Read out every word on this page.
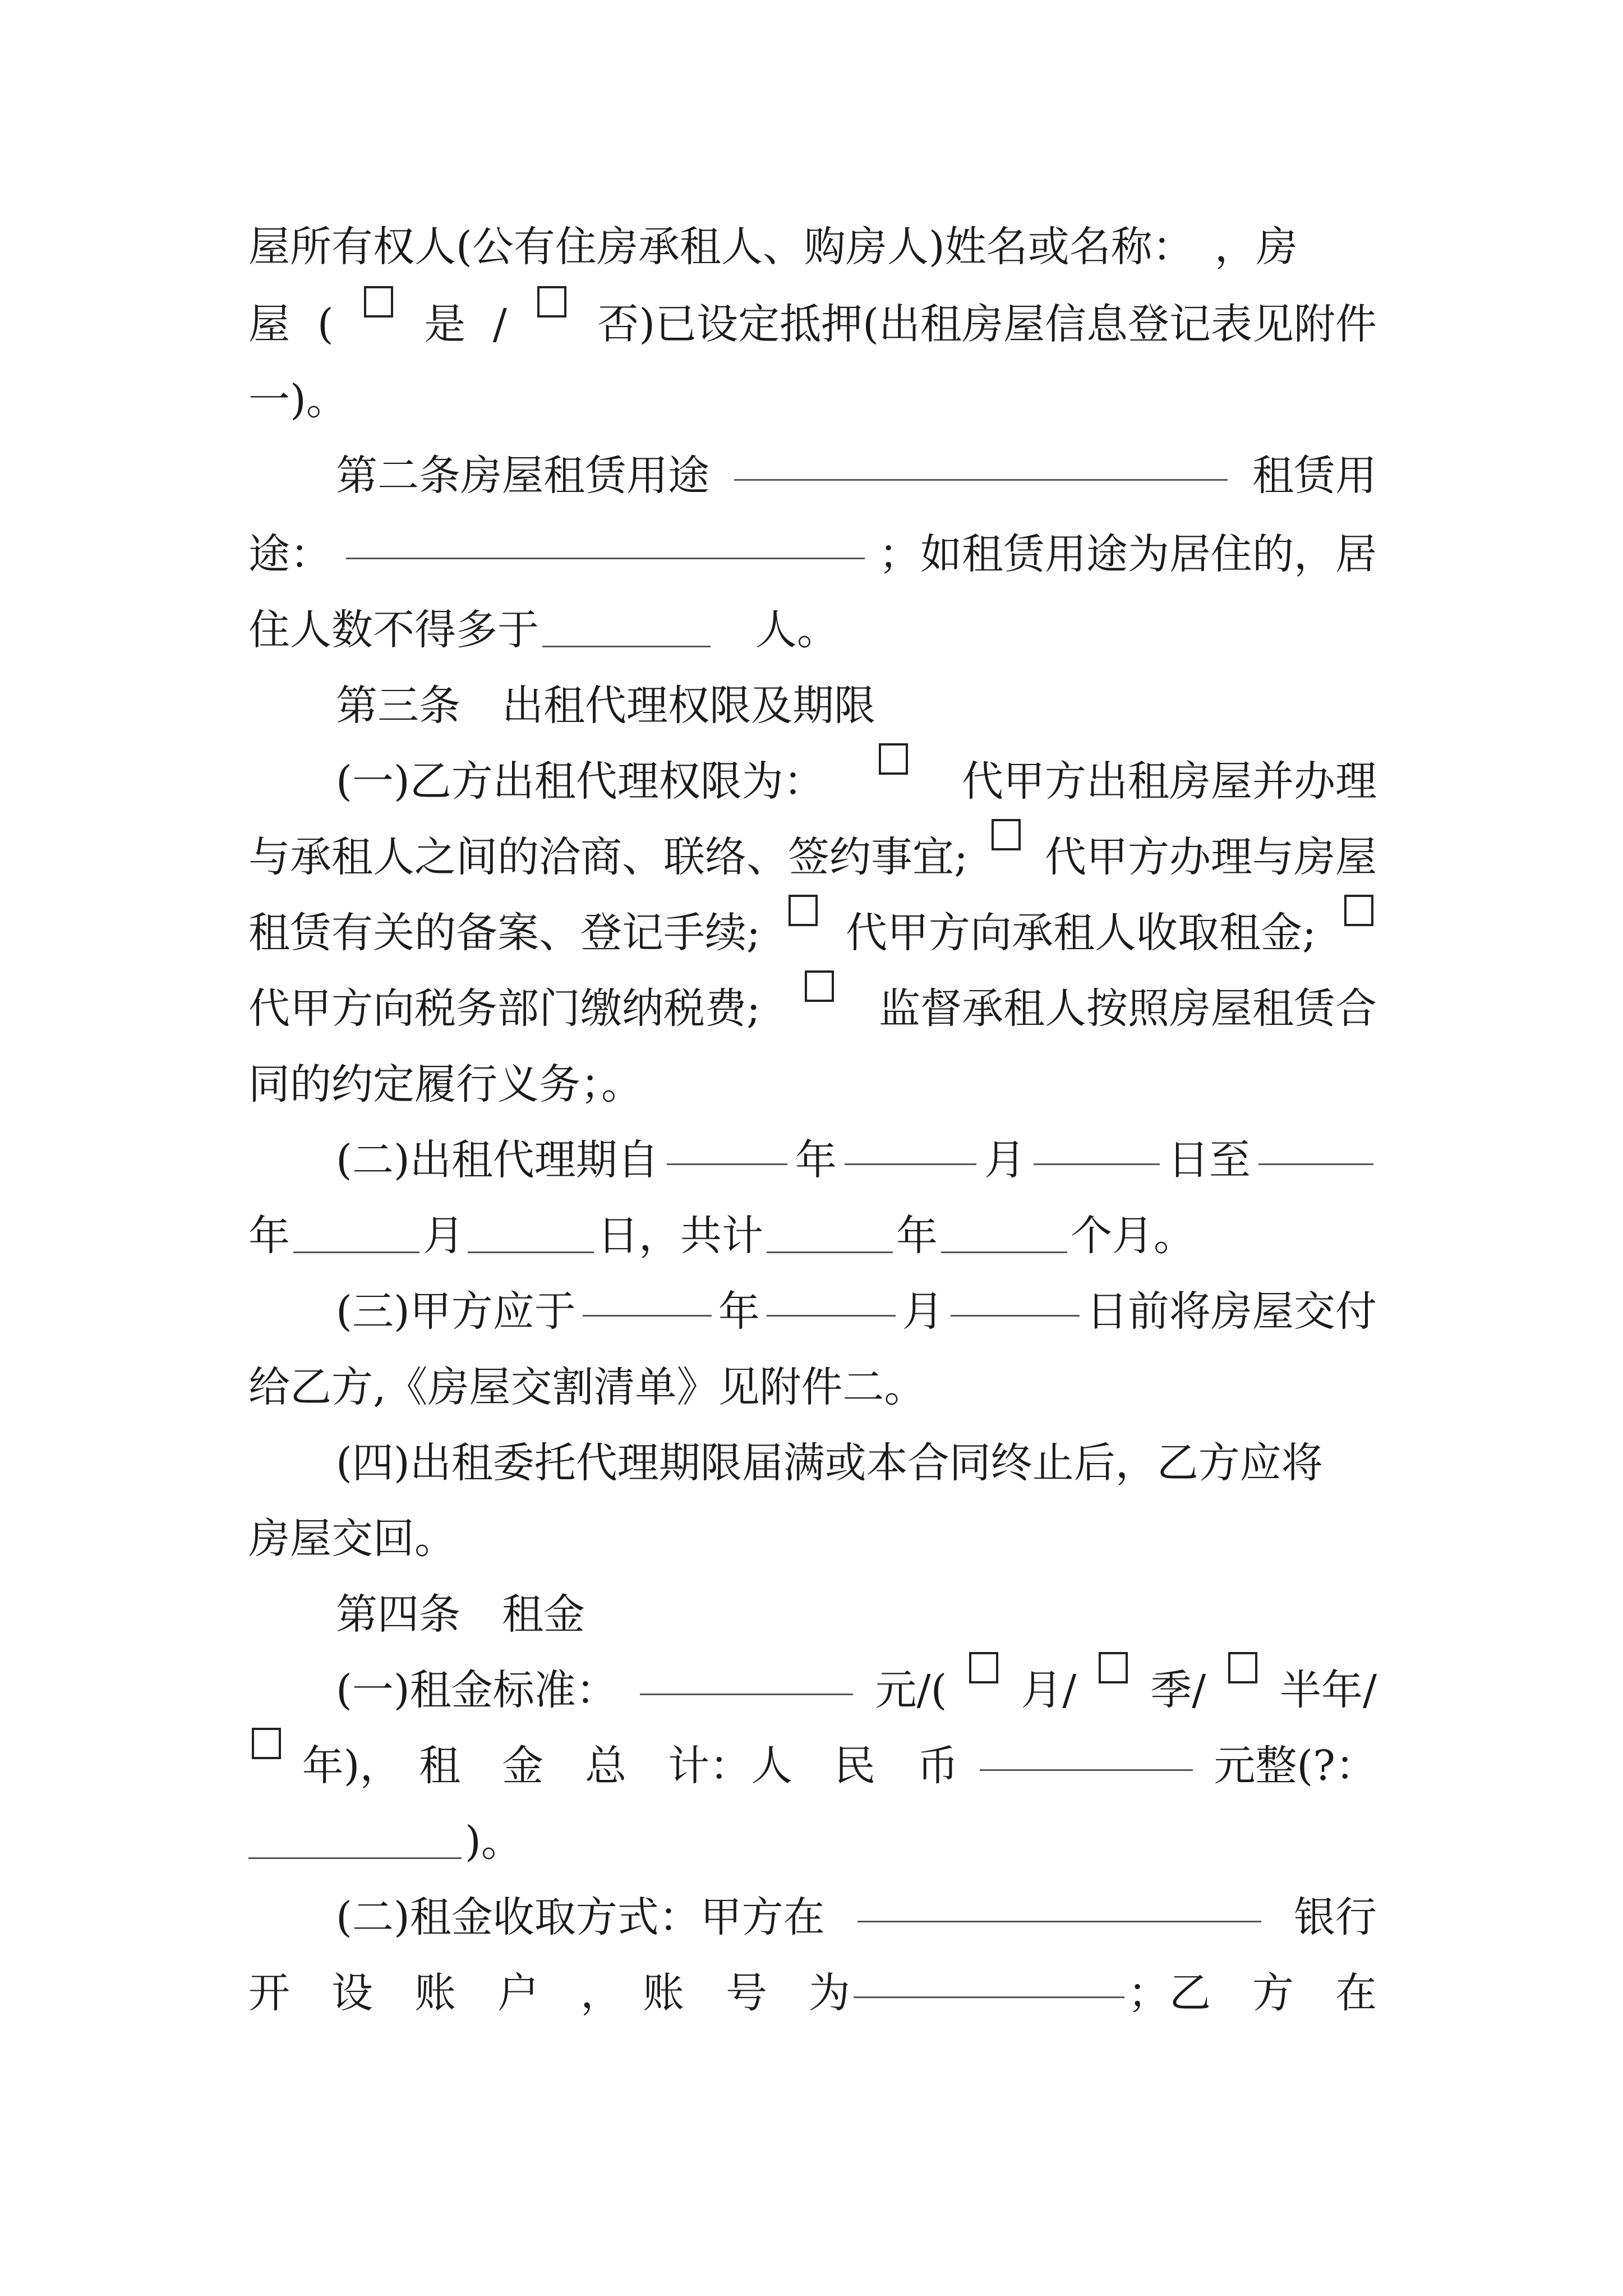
屋所有权人(公有住房承租人、购房人)姓名或名称：　，房
屋 ( 是 / 否)已设定抵押(出租房屋信息登记表见附件
一)。
第二条房屋租赁用途	租赁用
途：	；如租赁用途为居住的，居
住人数不得多于　	人。
第三条　出租代理权限及期限
(一)乙方出租代理权限为：	代甲方出租房屋并办理
与承租人之间的洽商、联络、签约事宜; 代甲方办理与房屋
租赁有关的备案、登记手续; 代甲方向承租人收取租金;
代甲方向税务部门缴纳税费;	监督承租人按照房屋租赁合
同的约定履行义务；。
(二)出租代理期自	年	月	日至
年	月	日，共计	年	个月。
(三)甲方应于	年	月	日前将房屋交付
给乙方,《房屋交割清单》见附件二。
(四)出租委托代理期限届满或本合同终止后，乙方应将
房屋交回。
第四条　租金
(一)租金标准：	元/( 月/ 季/ 半年/
年)， 租　金　总　计：人　民　币	元整(?：
)。
(二)租金收取方式：甲方在	银行
开　设　账　户　，　账　号　为	；乙　方　在
